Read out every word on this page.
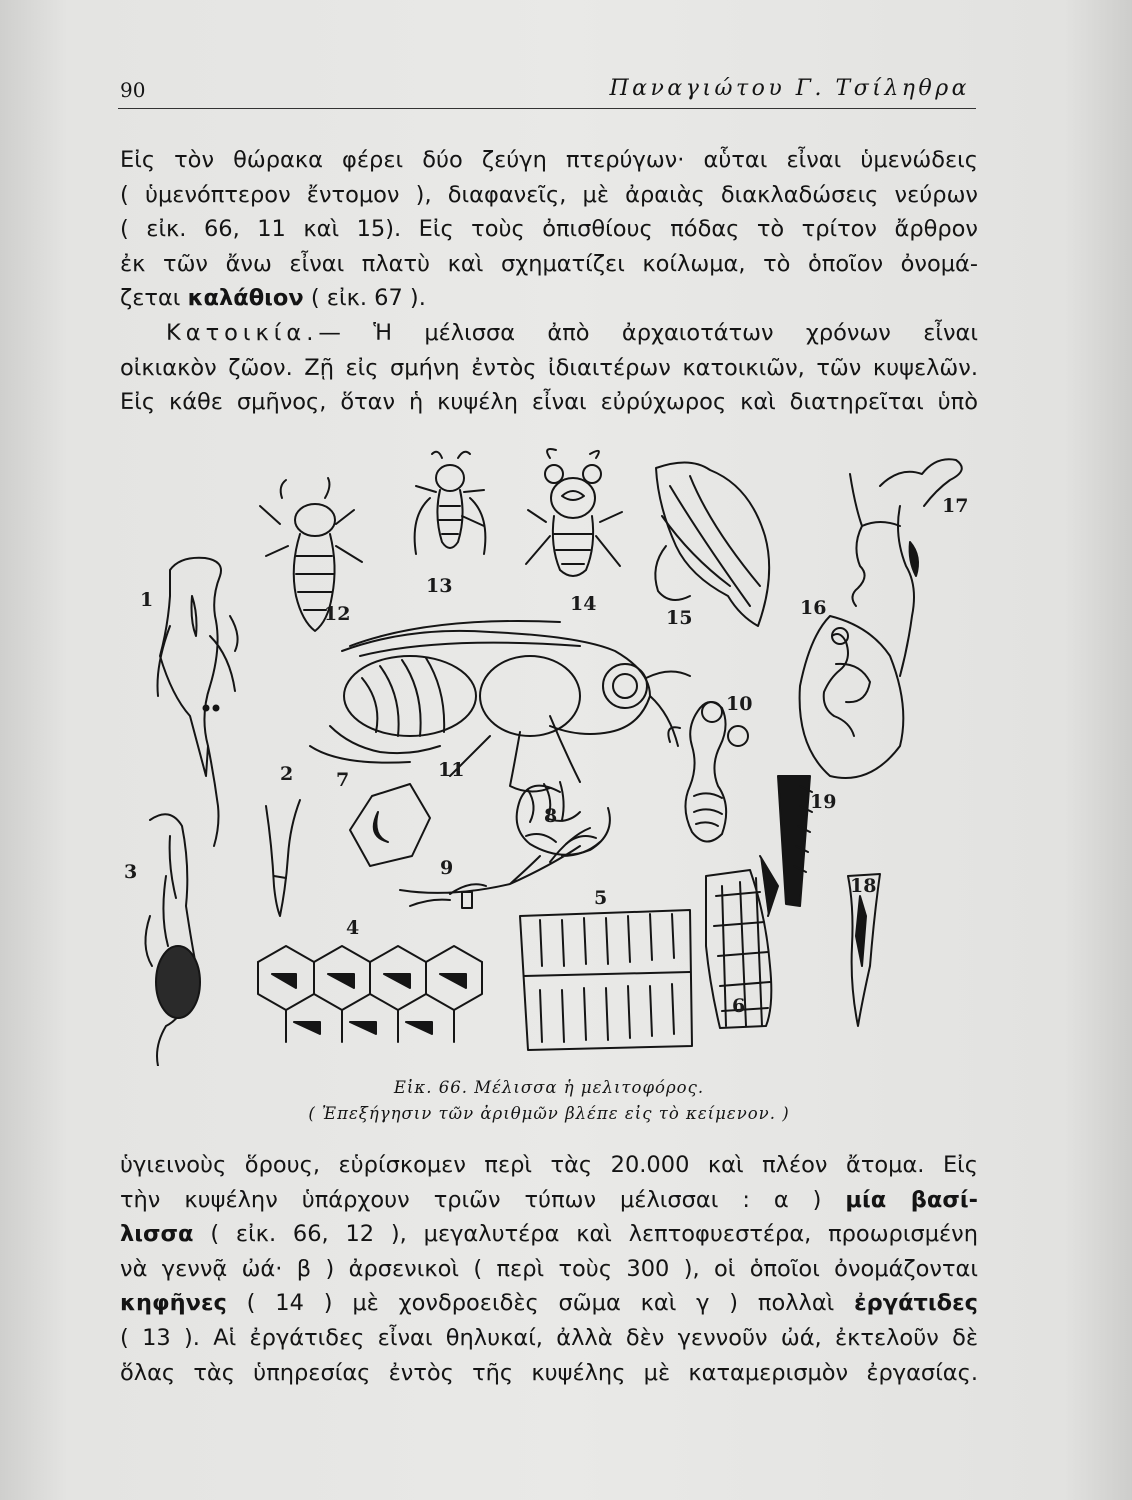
90	Παναγιώτου Γ. Τσίληθρα

Εἰς τὸν θώρακα φέρει δύο ζεύγη πτερύγων· αὗται εἶναι ὑμενώδεις
( ὑμενόπτερον ἔντομον ), διαφανεῖς, μὲ ἀραιὰς διακλαδώσεις νεύρων
( εἰκ. 66, 11 καὶ 15). Εἰς τοὺς ὀπισθίους πόδας τὸ τρίτον ἄρθρον
ἐκ τῶν ἄνω εἶναι πλατὺ καὶ σχηματίζει κοίλωμα, τὸ ὁποῖον ὀνομά-
ζεται καλάθιον ( εἰκ. 67 ).

Κατοικία.— Ἡ μέλισσα ἀπὸ ἀρχαιοτάτων χρόνων εἶναι
οἰκιακὸν ζῶον. Ζῇ εἰς σμήνη ἐντὸς ἰδιαιτέρων κατοικιῶν, τῶν κυψελῶν.
Εἰς κάθε σμῆνος, ὅταν ἡ κυψέλη εἶναι εὐρύχωρος καὶ διατηρεῖται ὑπὸ

1
2
3
4
5
6
7
8
9
10
11
12
13
14
15	16
17
18
19
Εἰκ. 66. Μέλισσα ἡ μελιτοφόρος.
( Ἐπεξήγησιν τῶν ἀριθμῶν βλέπε εἰς τὸ κείμενον. )

ὑγιεινοὺς ὅρους, εὑρίσκομεν περὶ τὰς 20.000 καὶ πλέον ἄτομα. Εἰς
τὴν κυψέλην ὑπάρχουν τριῶν τύπων μέλισσαι : α ) μία βασί-
λισσα ( εἰκ. 66, 12 ), μεγαλυτέρα καὶ λεπτοφυεστέρα, προωρισμένη
νὰ γεννᾷ ὠά· β ) ἀρσενικοὶ ( περὶ τοὺς 300 ), οἱ ὁποῖοι ὀνομάζονται
κηφῆνες ( 14 ) μὲ χονδροειδὲς σῶμα καὶ γ ) πολλαὶ ἐργάτιδες
( 13 ). Αἱ ἐργάτιδες εἶναι θηλυκαί, ἀλλὰ δὲν γεννοῦν ὠά, ἐκτελοῦν δὲ
ὅλας τὰς ὑπηρεσίας ἐντὸς τῆς κυψέλης μὲ καταμερισμὸν ἐργασίας.
